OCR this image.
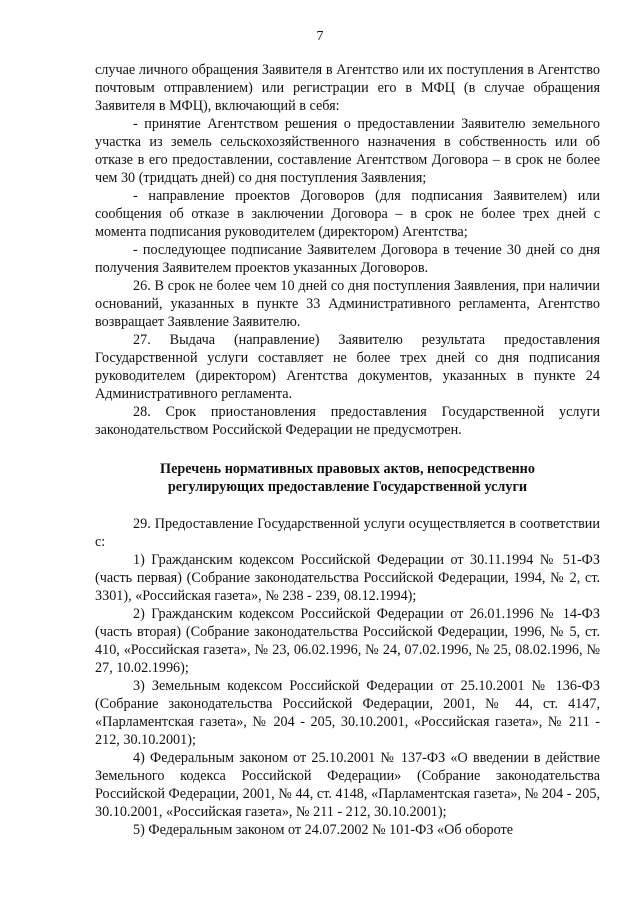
7

случае личного обращения Заявителя в Агентство или их поступления в Агентство почтовым отправлением) или регистрации его в МФЦ (в случае обращения Заявителя в МФЦ), включающий в себя:

- принятие Агентством решения о предоставлении Заявителю земельного участка из земель сельскохозяйственного назначения в собственность или об отказе в его предоставлении, составление Агентством Договора – в срок не более чем 30 (тридцать дней) со дня поступления Заявления;

- направление проектов Договоров (для подписания Заявителем) или сообщения об отказе в заключении Договора – в срок не более трех дней с момента подписания руководителем (директором) Агентства;

- последующее подписание Заявителем Договора в течение 30 дней со дня получения Заявителем проектов указанных Договоров.

26. В срок не более чем 10 дней со дня поступления Заявления, при наличии оснований, указанных в пункте 33 Административного регламента, Агентство возвращает Заявление Заявителю.

27. Выдача (направление) Заявителю результата предоставления Государственной услуги составляет не более трех дней со дня подписания руководителем (директором) Агентства документов, указанных в пункте 24 Административного регламента.

28. Срок приостановления предоставления Государственной услуги законодательством Российской Федерации не предусмотрен.

Перечень нормативных правовых актов, непосредственно
регулирующих предоставление Государственной услуги

29. Предоставление Государственной услуги осуществляется в соответствии с:

1) Гражданским кодексом Российской Федерации от 30.11.1994 № 51-ФЗ (часть первая) (Собрание законодательства Российской Федерации, 1994, № 2, ст. 3301), «Российская газета», № 238 - 239, 08.12.1994);

2) Гражданским кодексом Российской Федерации от 26.01.1996 № 14-ФЗ (часть вторая) (Собрание законодательства Российской Федерации, 1996, № 5, ст. 410, «Российская газета», № 23, 06.02.1996, № 24, 07.02.1996, № 25, 08.02.1996, № 27, 10.02.1996);

3) Земельным кодексом Российской Федерации от 25.10.2001 № 136-ФЗ (Собрание законодательства Российской Федерации, 2001, № 44, ст. 4147, «Парламентская газета», № 204 - 205, 30.10.2001, «Российская газета», № 211 - 212, 30.10.2001);

4) Федеральным законом от 25.10.2001 № 137-ФЗ «О введении в действие Земельного кодекса Российской Федерации» (Собрание законодательства Российской Федерации, 2001, № 44, ст. 4148, «Парламентская газета», № 204 - 205, 30.10.2001, «Российская газета», № 211 - 212, 30.10.2001);

5) Федеральным законом от 24.07.2002 № 101-ФЗ «Об обороте
